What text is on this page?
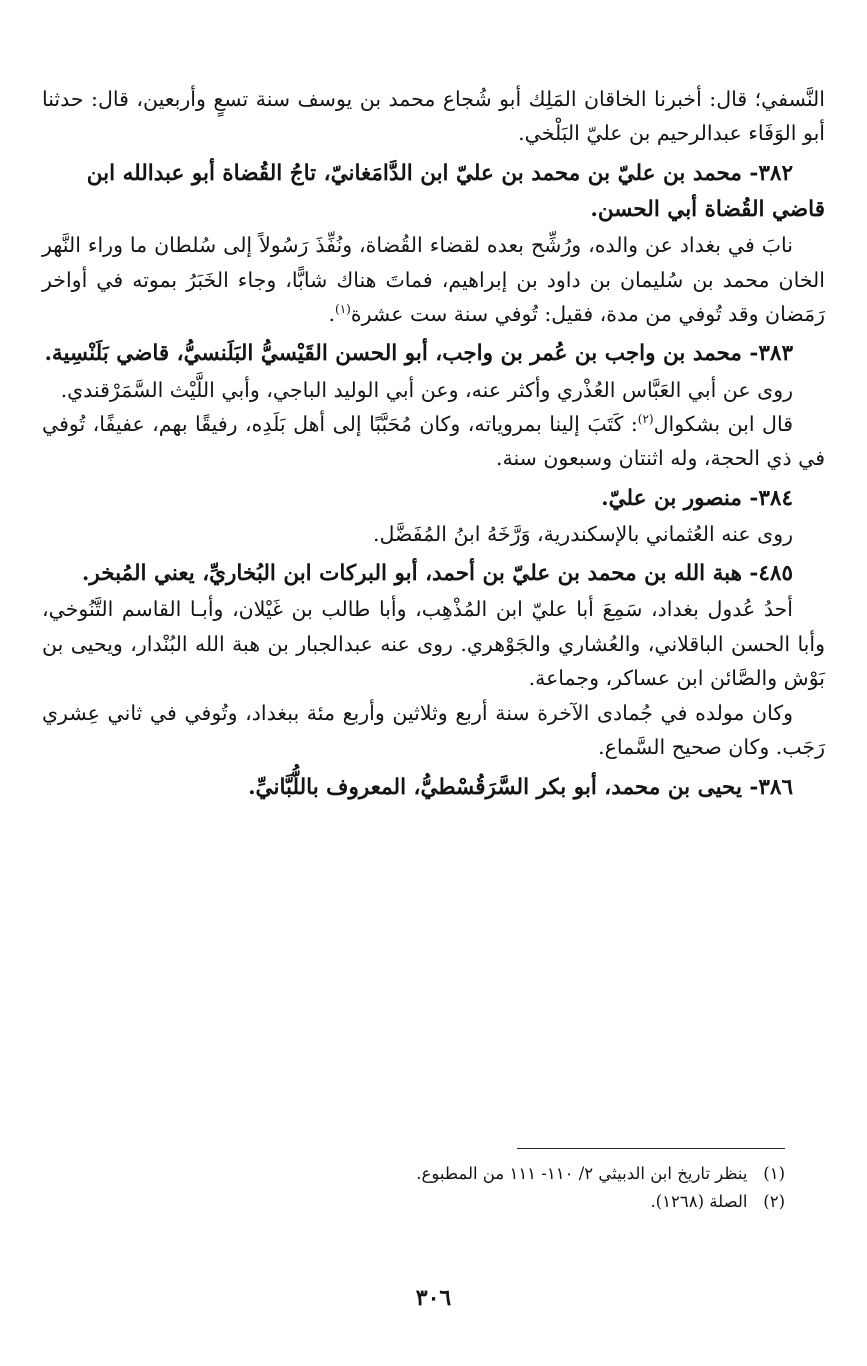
النَّسفي؛ قال: أخبرنا الخاقان المَلِك أبو شُجاع محمد بن يوسف سنة تسعٍ وأربعين، قال: حدثنا أبو الوَفَاء عبدالرحيم بن عليّ البَلْخي.

٣٨٢- محمد بن عليّ بن محمد بن عليّ ابن الدَّامَغانيّ، تاجُ القُضاة أبو عبدالله ابن قاضي القُضاة أبي الحسن.

نابَ في بغداد عن والده، ورُشِّح بعده لقضاء القُضاة، ونُفِّذَ رَسُولاً إلى سُلطان ما وراء النَّهر الخان محمد بن سُليمان بن داود بن إبراهيم، فماتَ هناك شابًّا، وجاء الخَبَرُ بموته في أواخر رَمَضان وقد تُوفي من مدة، فقيل: تُوفي سنة ست عشرة$^{(١)}$.

٣٨٣- محمد بن واجب بن عُمر بن واجب، أبو الحسن القَيْسيُّ البَلَنسيُّ، قاضي بَلَنْسِية.

روى عن أبي العَبَّاس العُذْري وأكثر عنه، وعن أبي الوليد الباجي، وأبي اللَّيْث السَّمَرْقندي.

قال ابن بشكوال$^{(٢)}$: كَتَبَ إلينا بمروياته، وكان مُحَبَّبًا إلى أهل بَلَدِه، رفيقًا بهم، عفيفًا، تُوفي في ذي الحجة، وله اثنتان وسبعون سنة.

٣٨٤- منصور بن عليّ.

روى عنه العُثماني بالإسكندرية، وَرَّخَهُ ابنُ المُفَضَّل.

٤٨٥- هبة الله بن محمد بن عليّ بن أحمد، أبو البركات ابن البُخاريِّ، يعني المُبخر.

أحدُ عُدول بغداد، سَمِعَ أبا عليّ ابن المُذْهِب، وأبا طالب بن غَيْلان، وأبـا القاسم التَّنُوخي، وأبا الحسن الباقلاني، والعُشاري والجَوْهري. روى عنه عبدالجبار بن هبة الله البُنْدار، ويحيى بن بَوْش والصَّائن ابن عساكر، وجماعة.

وكان مولده في جُمادى الآخرة سنة أربع وثلاثين وأربع مئة ببغداد، وتُوفي في ثاني عِشري رَجَب. وكان صحيح السَّماع.

٣٨٦- يحيى بن محمد، أبو بكر السَّرَقُسْطيُّ، المعروف باللُّبَّانيِّ.

(١)   ينظر تاريخ ابن الدبيثي ٢/ ١١٠- ١١١ من المطبوع.

(٢)   الصلة (١٢٦٨).

٣٠٦
